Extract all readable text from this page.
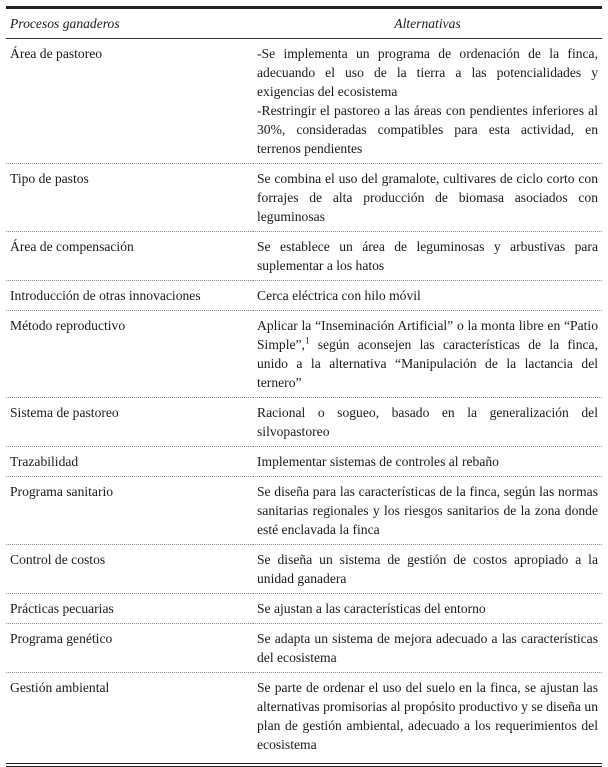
Procesos ganaderos	Alternativas
Área de pastoreo	-Se implementa un programa de ordenación de la finca, adecuando el uso de la tierra a las potencialidades y exigencias del ecosistema
-Restringir el pastoreo a las áreas con pendientes inferiores al 30%, consideradas compatibles para esta actividad, en terrenos pendientes

Tipo de pastos	Se combina el uso del gramalote, cultivares de ciclo corto con forrajes de alta producción de biomasa asociados con leguminosas
Área de compensación	Se establece un área de leguminosas y arbustivas para suplementar a los hatos
Introducción de otras innovaciones	Cerca eléctrica con hilo móvil
Método reproductivo	Aplicar la “Inseminación Artificial” o la monta libre en “Patio Simple”,$^1$ según aconsejen las características de la finca, unido a la alternativa “Manipulación de la lactancia del ternero”
Sistema de pastoreo	Racional o sogueo, basado en la generalización del silvopastoreo
Trazabilidad	Implementar sistemas de controles al rebaño
Programa sanitario	Se diseña para las características de la finca, según las normas sanitarias regionales y los riesgos sanitarios de la zona donde esté enclavada la finca
Control de costos	Se diseña un sistema de gestión de costos apropiado a la unidad ganadera
Prácticas pecuarias	Se ajustan a las características del entorno
Programa genético	Se adapta un sistema de mejora adecuado a las características del ecosistema
Gestión ambiental	Se parte de ordenar el uso del suelo en la finca, se ajustan las alternativas promisorias al propósito productivo y se diseña un plan de gestión ambiental, adecuado a los requerimientos del ecosistema
